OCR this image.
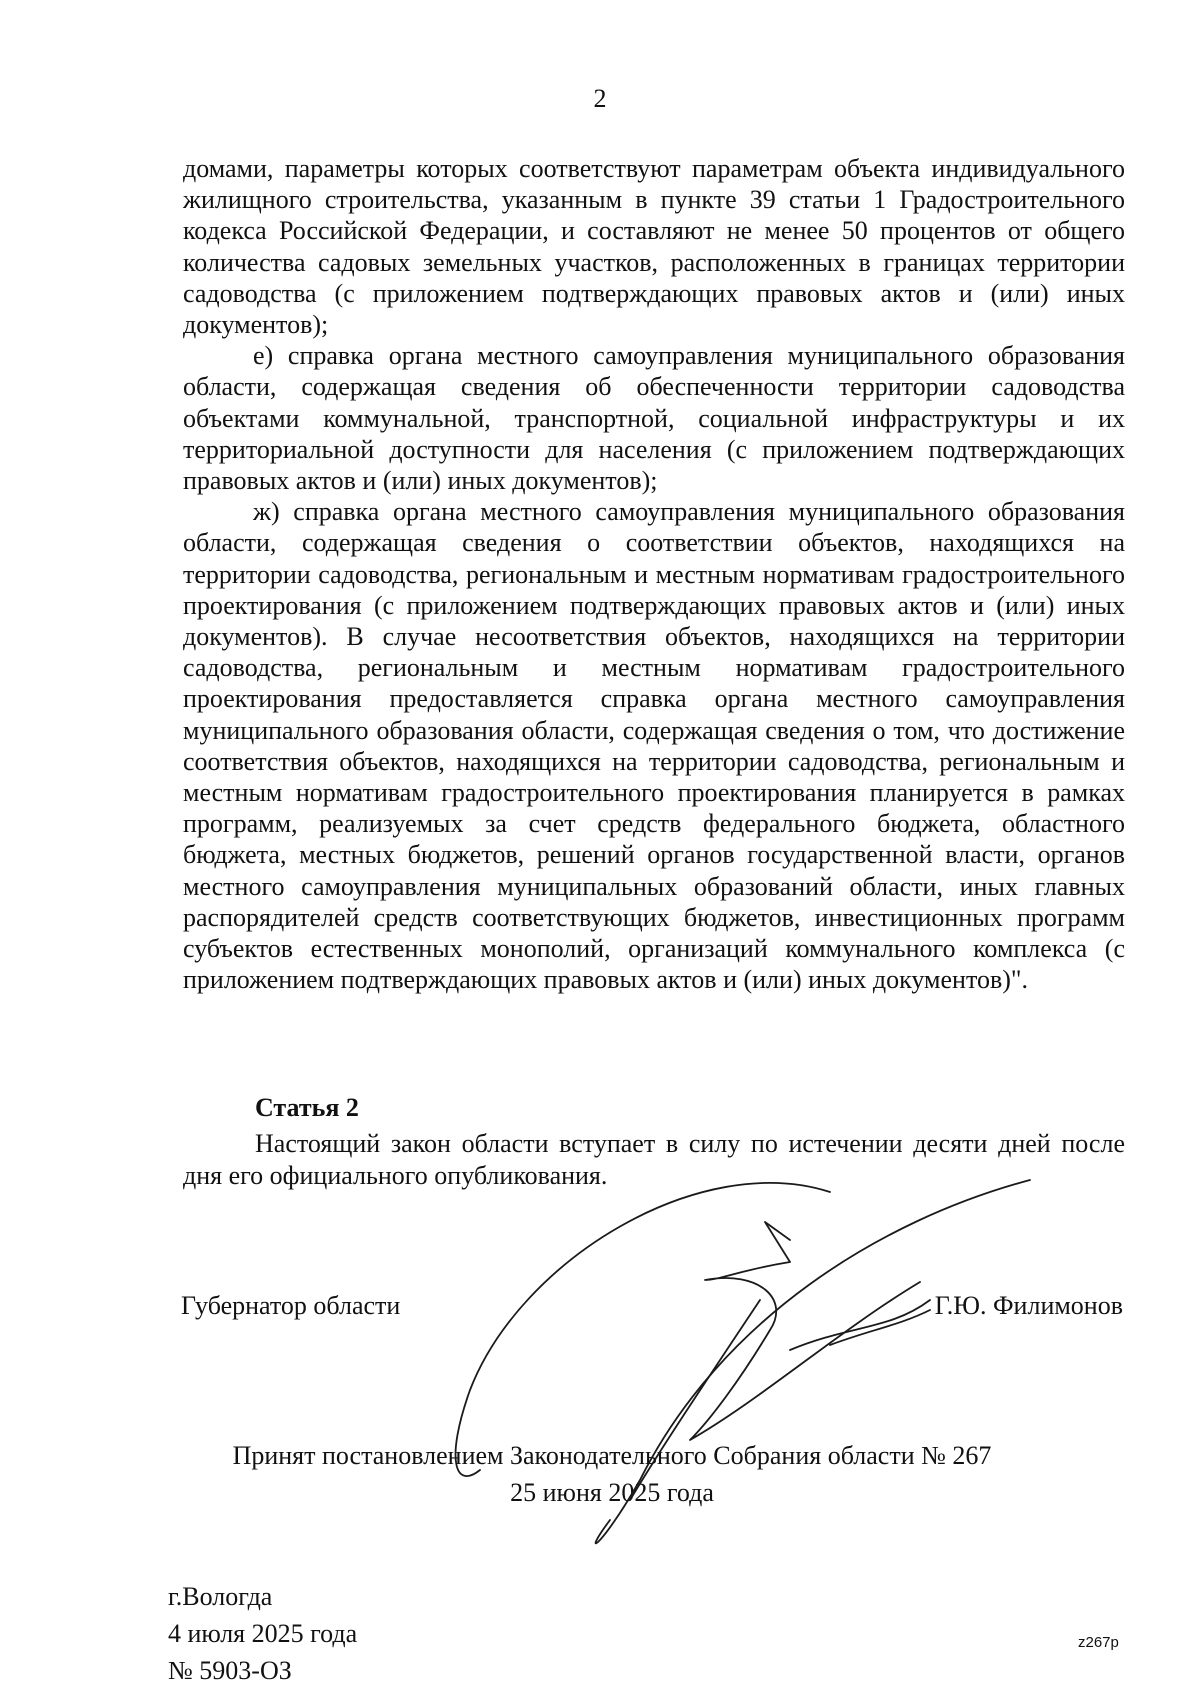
2

домами, параметры которых соответствуют параметрам объекта индивидуального жилищного строительства, указанным в пункте 39 статьи 1 Градостроительного кодекса Российской Федерации, и составляют не менее 50 процентов от общего количества садовых земельных участков, расположенных в границах территории садоводства (с приложением подтверждающих правовых актов и (или) иных документов);

е) справка органа местного самоуправления муниципального образования области, содержащая сведения об обеспеченности территории садоводства объектами коммунальной, транспортной, социальной инфраструктуры и их территориальной доступности для населения (с приложением подтверждающих правовых актов и (или) иных документов);

ж) справка органа местного самоуправления муниципального образования области, содержащая сведения о соответствии объектов, находящихся на территории садоводства, региональным и местным нормативам градостроительного проектирования (с приложением подтверждающих правовых актов и (или) иных документов). В случае несоответствия объектов, находящихся на территории садоводства, региональным и местным нормативам градостроительного проектирования предоставляется справка органа местного самоуправления муниципального образования области, содержащая сведения о том, что достижение соответствия объектов, находящихся на территории садоводства, региональным и местным нормативам градостроительного проектирования планируется в рамках программ, реализуемых за счет средств федерального бюджета, областного бюджета, местных бюджетов, решений органов государственной власти, органов местного самоуправления муниципальных образований области, иных главных распорядителей средств соответствующих бюджетов, инвестиционных программ субъектов естественных монополий, организаций коммунального комплекса (с приложением подтверждающих правовых актов и (или) иных документов)".

Статья 2

Настоящий закон области вступает в силу по истечении десяти дней после дня его официального опубликования.

Губернатор области	Г.Ю. Филимонов
Принят постановлением Законодательного Собрания области № 267
25 июня 2025 года
г.Вологда
4 июля 2025 года
№ 5903-ОЗ
z267p
